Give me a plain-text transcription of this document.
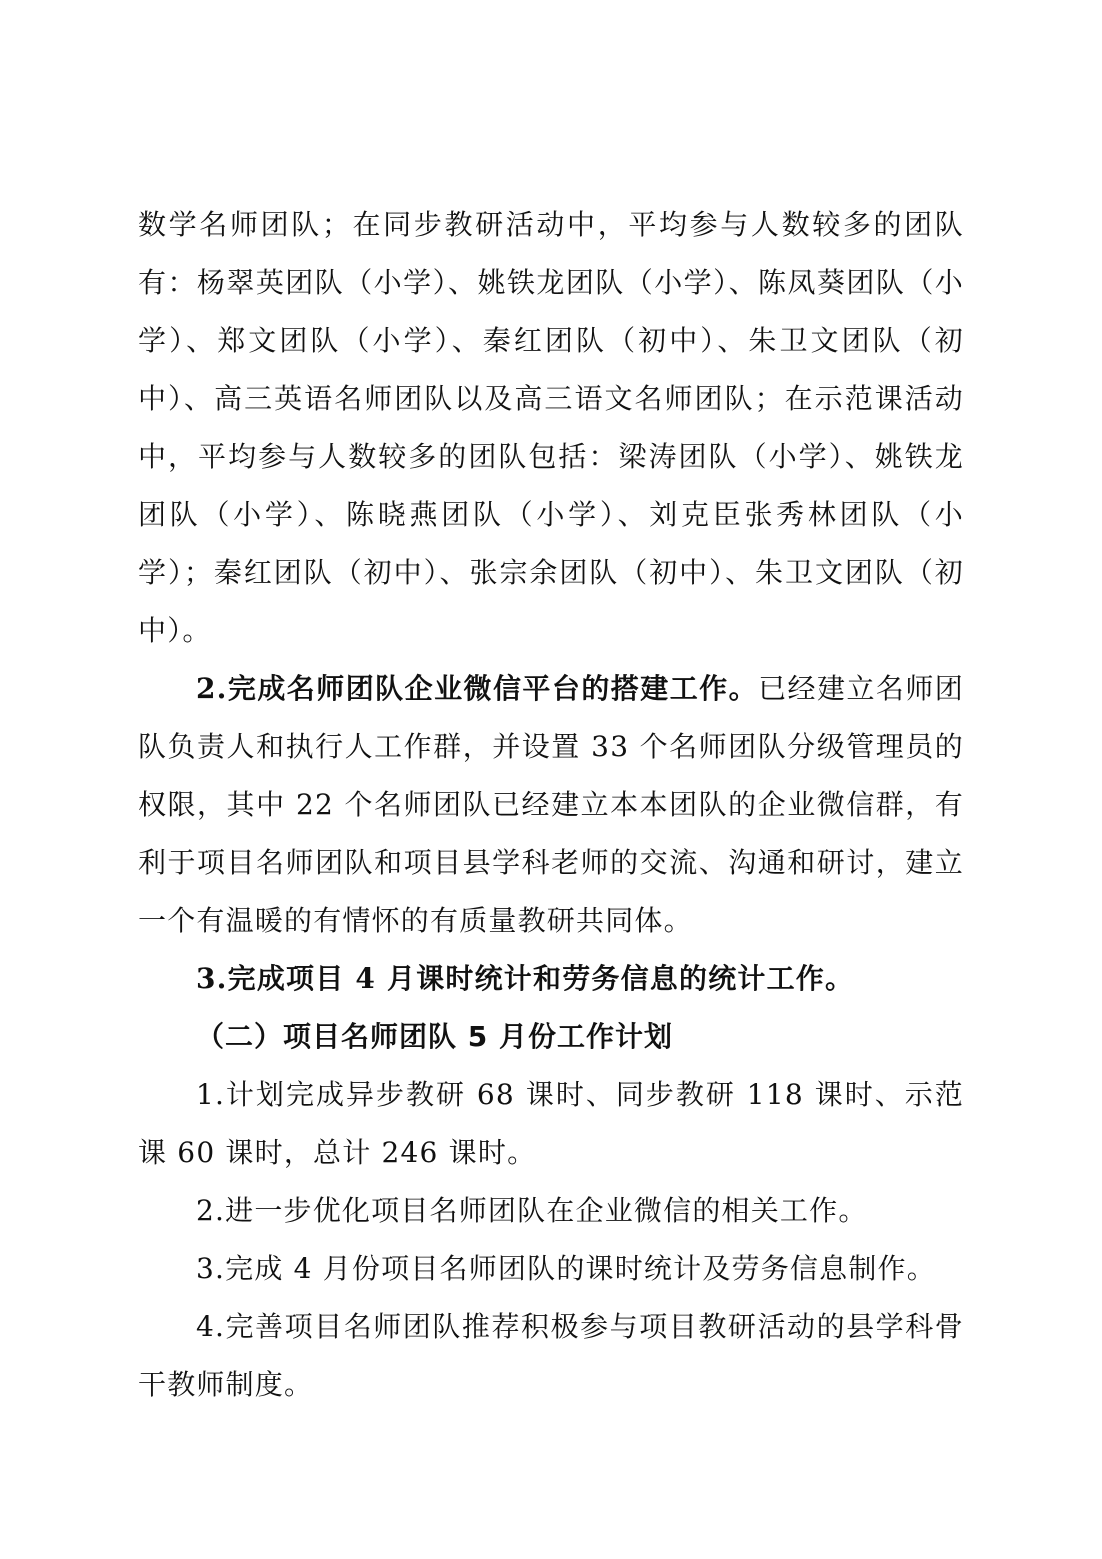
数学名师团队；在同步教研活动中，平均参与人数较多的团队有：杨翠英团队（小学）、姚铁龙团队（小学）、陈凤葵团队（小学）、郑文团队（小学）、秦红团队（初中）、朱卫文团队（初中）、高三英语名师团队以及高三语文名师团队；在示范课活动中，平均参与人数较多的团队包括：梁涛团队（小学）、姚铁龙团队（小学）、陈晓燕团队（小学）、刘克臣张秀林团队（小学）；秦红团队（初中）、张宗余团队（初中）、朱卫文团队（初中）。

2.完成名师团队企业微信平台的搭建工作。已经建立名师团队负责人和执行人工作群，并设置 33 个名师团队分级管理员的权限，其中 22 个名师团队已经建立本本团队的企业微信群，有利于项目名师团队和项目县学科老师的交流、沟通和研讨，建立一个有温暖的有情怀的有质量教研共同体。

3.完成项目 4 月课时统计和劳务信息的统计工作。

（二）项目名师团队 5 月份工作计划

1.计划完成异步教研 68 课时、同步教研 118 课时、示范课 60 课时，总计 246 课时。

2.进一步优化项目名师团队在企业微信的相关工作。

3.完成 4 月份项目名师团队的课时统计及劳务信息制作。

4.完善项目名师团队推荐积极参与项目教研活动的县学科骨干教师制度。
